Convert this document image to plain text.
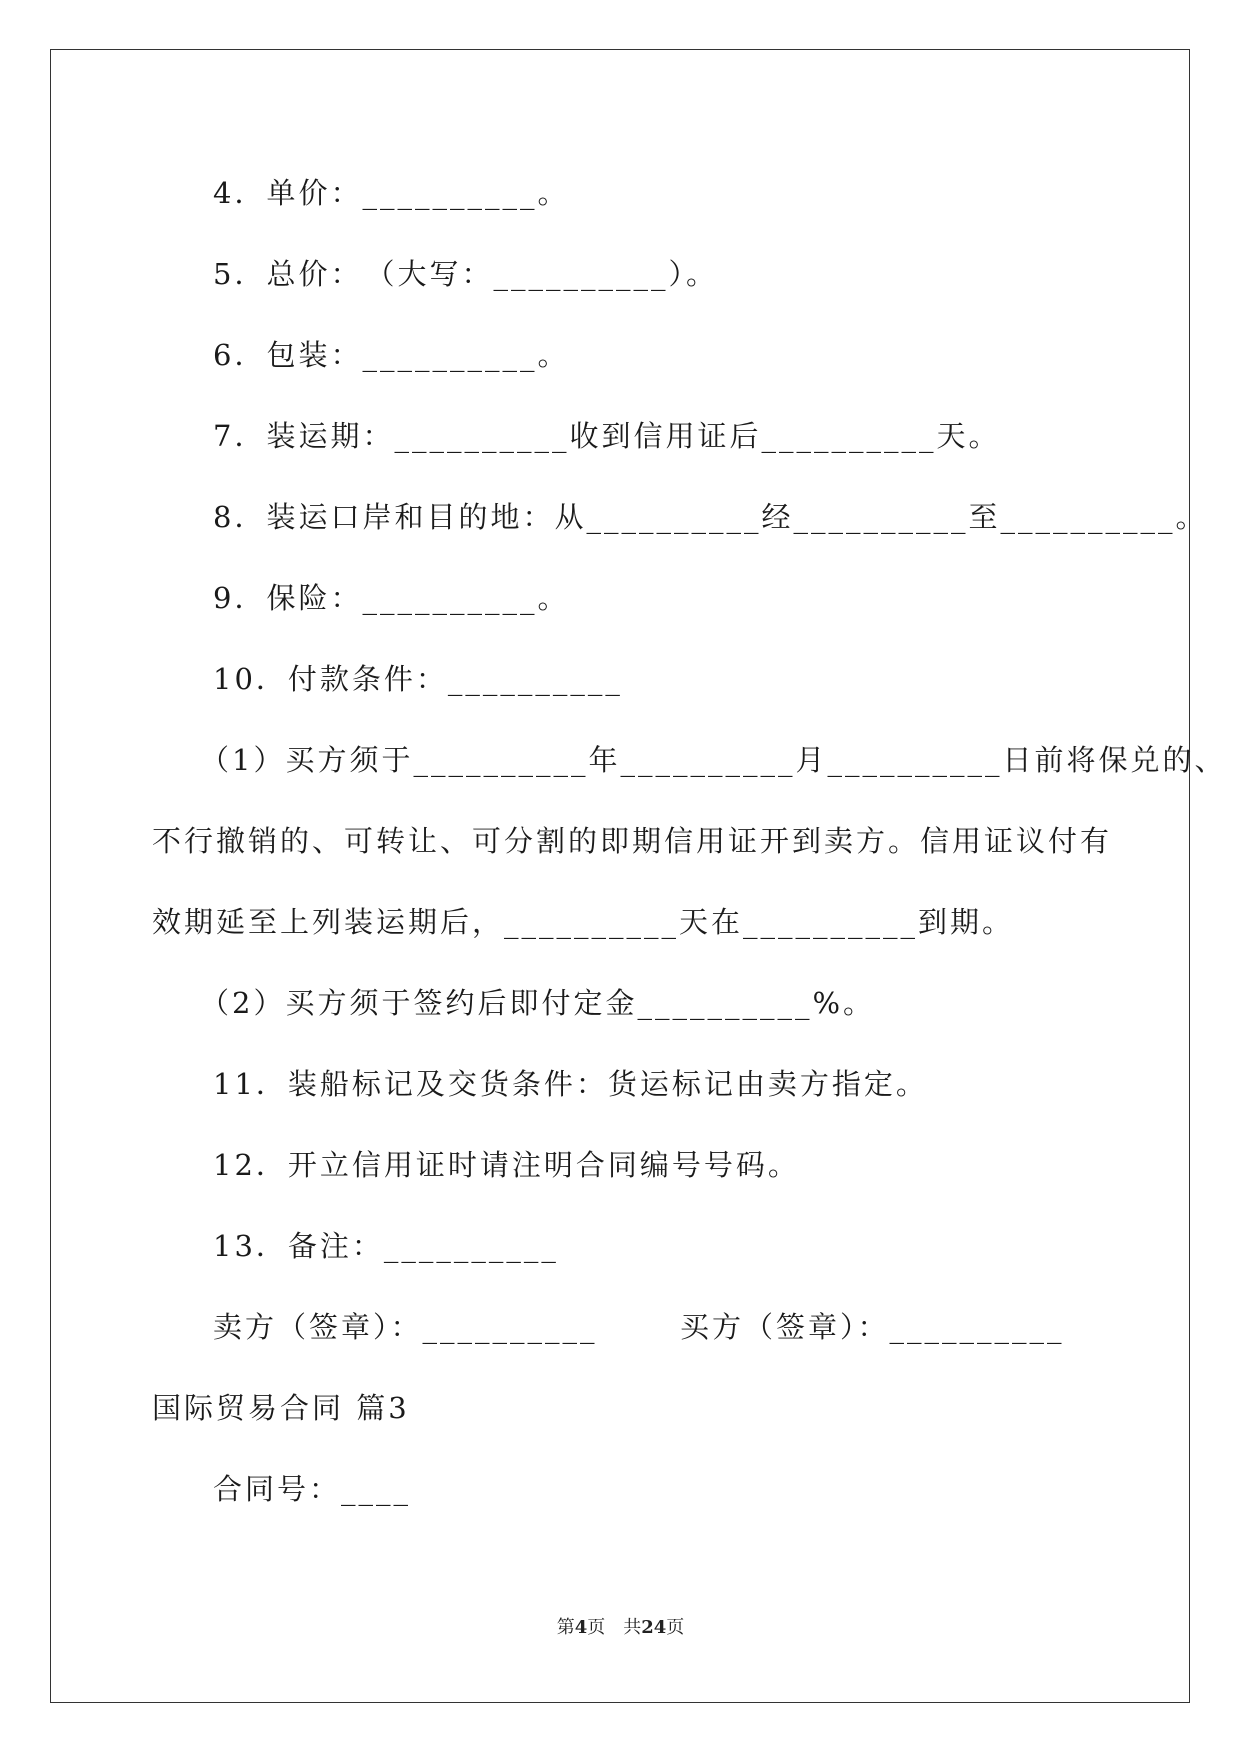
4．单价：__________。
5．总价：　（大写：__________）。
6．包装：__________。
7．装运期：__________收到信用证后__________天。
8．装运口岸和目的地：从__________经__________至__________。
9．保险：__________。
10．付款条件：__________
（1）买方须于__________年__________月__________日前将保兑的、
不行撤销的、可转让、可分割的即期信用证开到卖方。信用证议付有
效期延至上列装运期后，__________天在__________到期。
（2）买方须于签约后即付定金__________%。
11．装船标记及交货条件：货运标记由卖方指定。
12．开立信用证时请注明合同编号号码。
13．备注：__________
卖方（签章）：__________	买方（签章）：__________
国际贸易合同 篇3
合同号：____
第4页　共24页
